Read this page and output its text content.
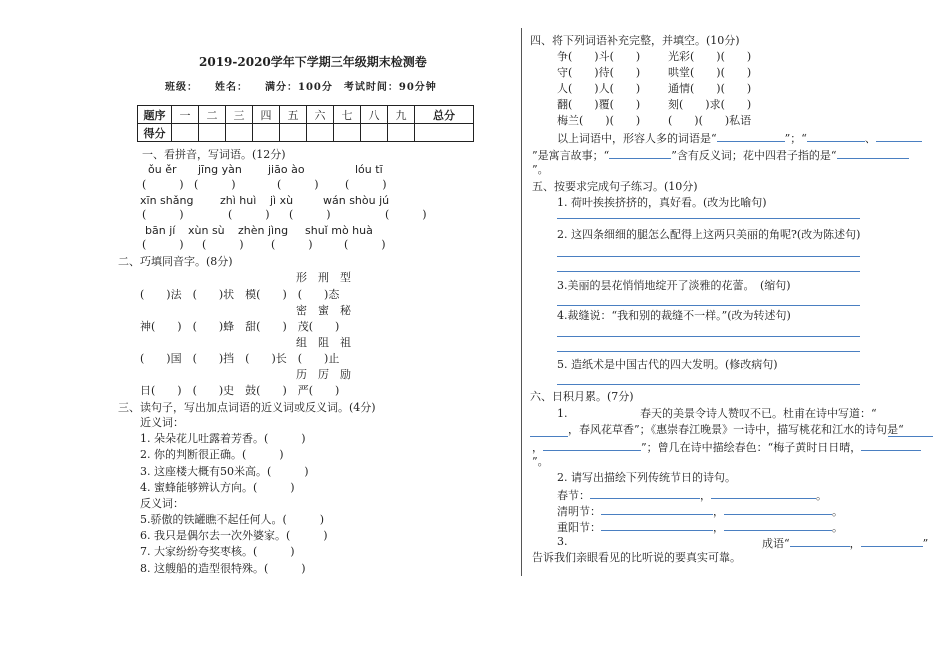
2019-2020学年下学期三年级期末检测卷
班级：　　姓名：　　满分：100分　考试时间：90分钟
题序	一	二	三	四	五	六	七	八	九	总分
得分										
一、看拼音，写词语。(12分)
ǒu ěr jīng yàn jiāo ào	lóu tī
(　　　) (　　　)	(　　　) (　　　)
xīn shǎng zhì huì jì xù	wán shòu jú
(　　　)	(　　　) (　　　)	(　　　)
bān jí xùn sù zhèn jìng shuǐ mò huà
(　　　) (　　　) (　　　)	(　　　)
二、巧填同音字。(8分)
形　刑　型
(　　)法　(　　)状　模(　　)　(　　)态
密　蜜　秘
神(　　)　(　　)蜂　甜(　　)　茂(　　)
组　阻　祖
(　　)国　(　　)挡　(　　)长　(　　)止
历　厉　励
日(　　)　(　　)史　鼓(　　)　严(　　)
三、读句子，写出加点词语的近义词或反义词。(4分)
近义词：
1. 朵朵花儿吐露着芳香。(　　　)
2. 你的判断很正确。(　　　)
3. 这座楼大概有50米高。(　　　)
4. 蜜蜂能够辨认方向。(　　　)
反义词：
5.骄傲的铁罐瞧不起任何人。(　　　)
6. 我只是偶尔去一次外婆家。(　　　)
7. 大家纷纷夸奖枣核。(　　　)
8. 这艘船的造型很特殊。(　　　)
四、将下列词语补充完整，并填空。(10分)
争(　　)斗(　　)	光彩(　　)(　　)
守(　　)待(　　)	哄堂(　　)(　　)
人(　　)人(　　)	通情(　　)(　　)
翻(　　)覆(　　)	刻(　　)求(　　)
梅兰(　　)(　　)	(　　)(　　)私语
以上词语中，形容人多的词语是“	”；“	、
”是寓言故事；“	”含有反义词；花中四君子指的是“
”。
五、按要求完成句子练习。(10分)
1. 荷叶挨挨挤挤的，真好看。(改为比喻句)
2. 这四条细细的腿怎么配得上这两只美丽的角呢?(改为陈述句)
3.美丽的昙花悄悄地绽开了淡雅的花蕾。　(缩句)
4.裁缝说：“我和别的裁缝不一样。”(改为转述句)
5. 造纸术是中国古代的四大发明。(修改病句)
六、日积月累。(7分)
1.	春天的美景令诗人赞叹不已。杜甫在诗中写道：“
，春风花草香”；《惠崇春江晚景》一诗中，描写桃花和江水的诗句是“
，	”；曾几在诗中描绘春色：“梅子黄时日日晴，
”。
2. 请写出描绘下列传统节日的诗句。
春节：	，	。
清明节：	，	。
重阳节：	，	。
3.	成语“	，	”
告诉我们亲眼看见的比听说的要真实可靠。
